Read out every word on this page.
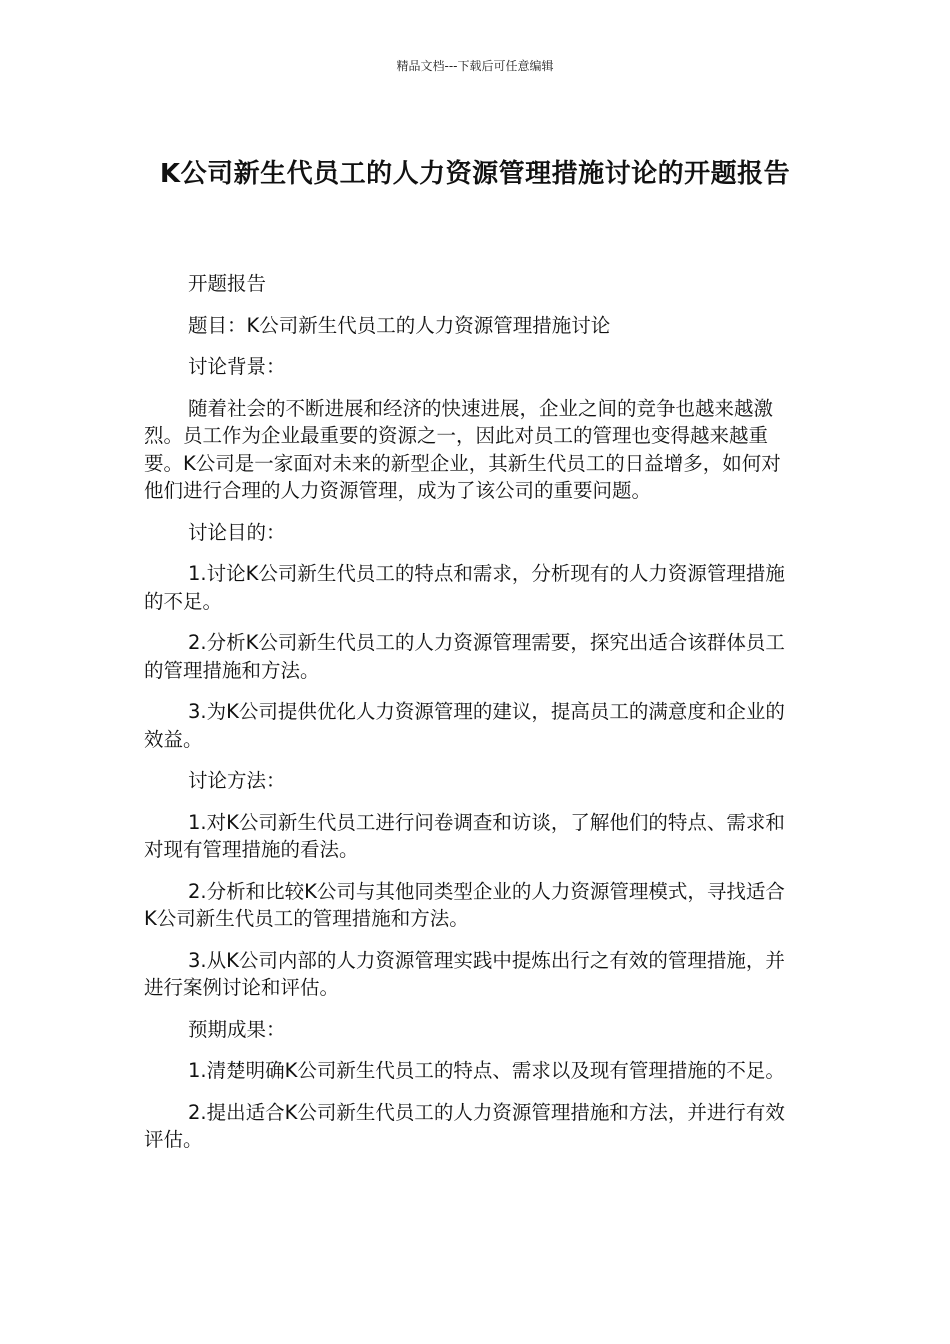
精品文档---下载后可任意编辑
K公司新生代员工的人力资源管理措施讨论的开题报告

开题报告

题目：K公司新生代员工的人力资源管理措施讨论

讨论背景：

随着社会的不断进展和经济的快速进展，企业之间的竞争也越来越激烈。员工作为企业最重要的资源之一，因此对员工的管理也变得越来越重要。K公司是一家面对未来的新型企业，其新生代员工的日益增多，如何对他们进行合理的人力资源管理，成为了该公司的重要问题。

讨论目的：

1.讨论K公司新生代员工的特点和需求，分析现有的人力资源管理措施的不足。

2.分析K公司新生代员工的人力资源管理需要，探究出适合该群体员工的管理措施和方法。

3.为K公司提供优化人力资源管理的建议，提高员工的满意度和企业的效益。

讨论方法：

1.对K公司新生代员工进行问卷调查和访谈，了解他们的特点、需求和对现有管理措施的看法。

2.分析和比较K公司与其他同类型企业的人力资源管理模式，寻找适合K公司新生代员工的管理措施和方法。

3.从K公司内部的人力资源管理实践中提炼出行之有效的管理措施，并进行案例讨论和评估。

预期成果：

1.清楚明确K公司新生代员工的特点、需求以及现有管理措施的不足。

2.提出适合K公司新生代员工的人力资源管理措施和方法，并进行有效评估。
